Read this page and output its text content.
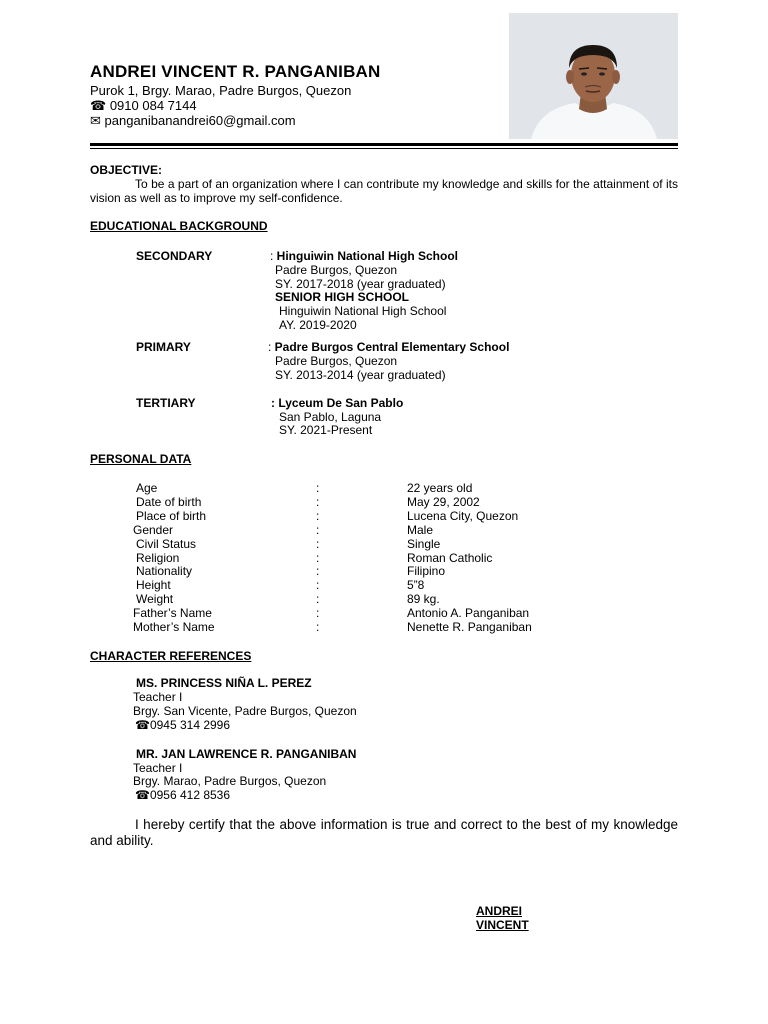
ANDREI VINCENT R. PANGANIBAN
Purok 1, Brgy. Marao, Padre Burgos, Quezon
☎ 0910 084 7144
✉ panganibanandrei60@gmail.com
OBJECTIVE:
To be a part of an organization where I can contribute my knowledge and skills for the attainment of its vision as well as to improve my self-confidence.
EDUCATIONAL BACKGROUND
SECONDARY	: Hinguiwin National High School
Padre Burgos, Quezon
SY. 2017-2018 (year graduated)
SENIOR HIGH SCHOOL
Hinguiwin National High School
AY. 2019-2020
PRIMARY	: Padre Burgos Central Elementary School
Padre Burgos, Quezon
SY. 2013-2014 (year graduated)
TERTIARY	: Lyceum De San Pablo
San Pablo, Laguna
SY. 2021-Present
PERSONAL DATA
Age	:	22 years old
Date of birth	:	May 29, 2002
Place of birth	:	Lucena City, Quezon
Gender	:	Male
Civil Status	:	Single
Religion	:	Roman Catholic
Nationality	:	Filipino
Height	:	5”8
Weight	:	89 kg.
Father’s Name	:	Antonio A. Panganiban
Mother’s Name	:	Nenette R. Panganiban
CHARACTER REFERENCES
MS. PRINCESS NIÑA L. PEREZ
Teacher I
Brgy. San Vicente, Padre Burgos, Quezon
☎0945 314 2996
MR. JAN LAWRENCE R. PANGANIBAN
Teacher I
Brgy. Marao, Padre Burgos, Quezon
☎0956 412 8536
I hereby certify that the above information is true and correct to the best of my knowledge and ability.
ANDREI
VINCENT
